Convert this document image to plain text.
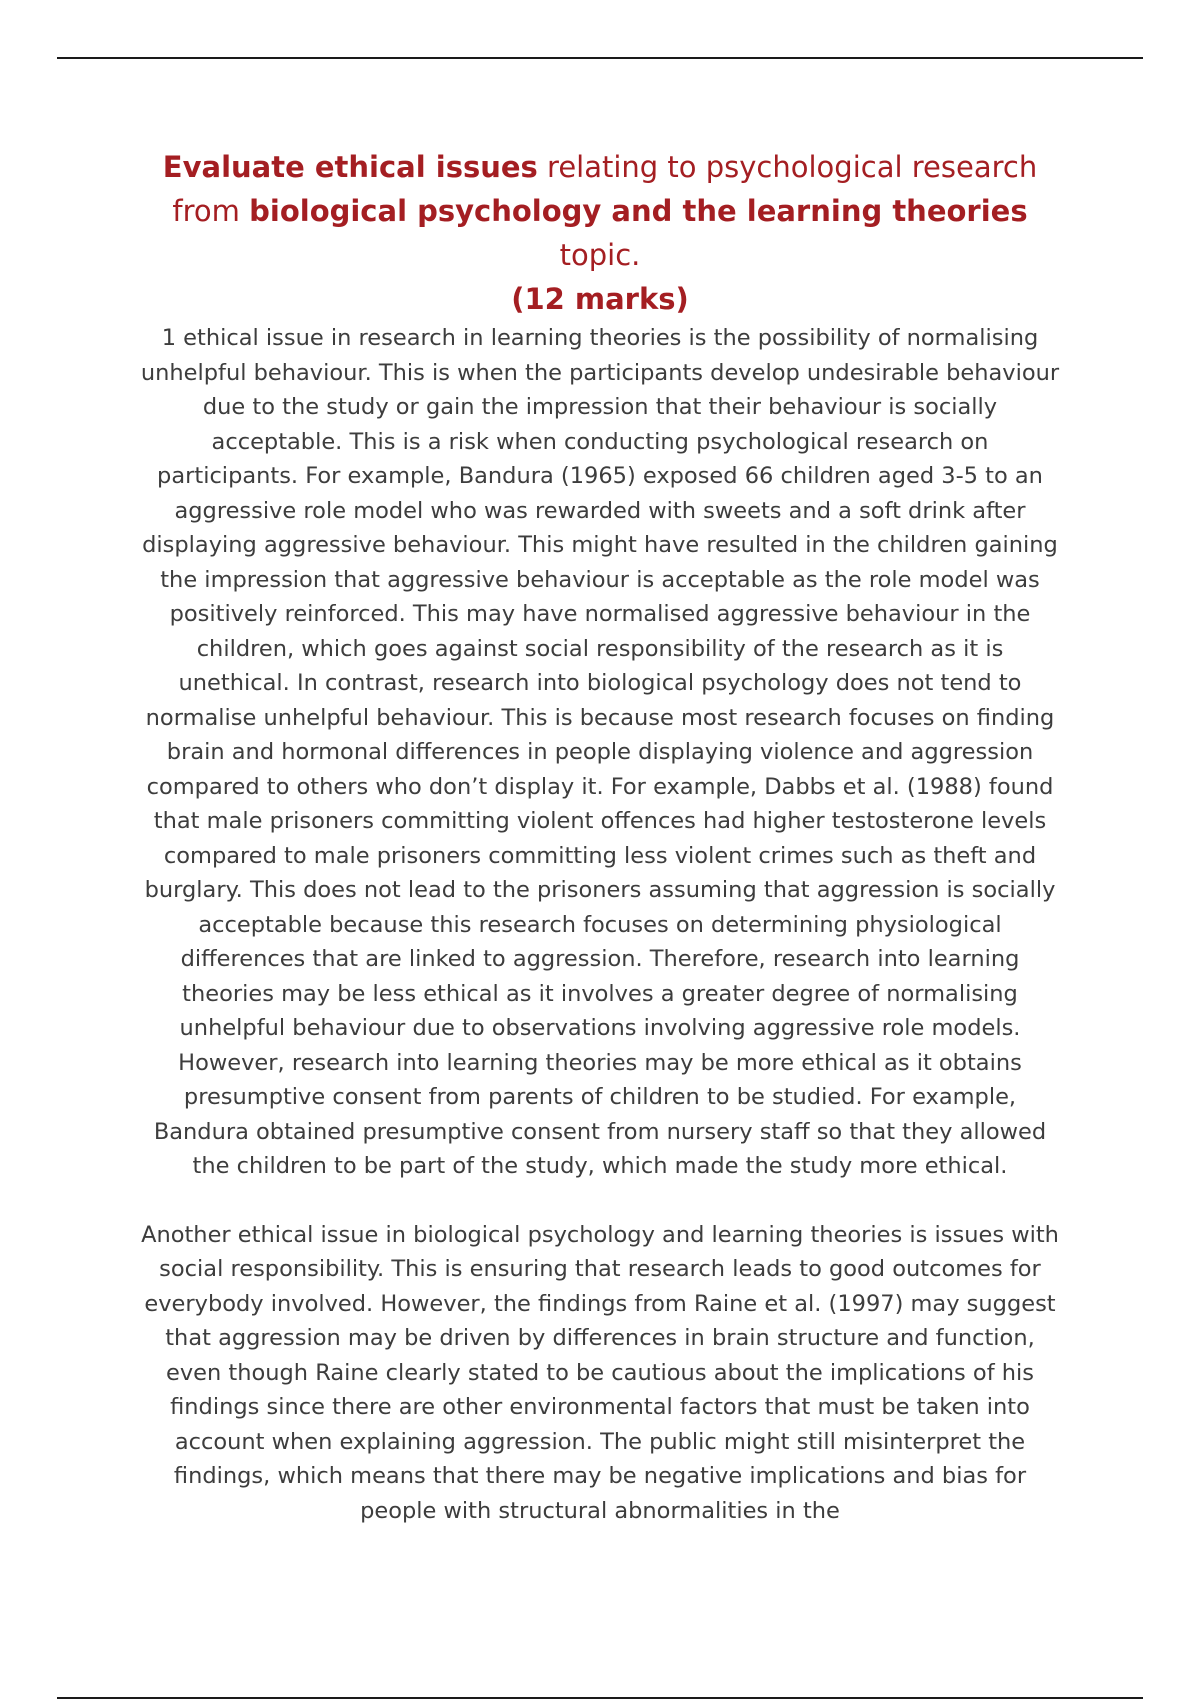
Evaluate ethical issues relating to psychological research from biological psychology and the learning theories topic.
(12 marks)

1 ethical issue in research in learning theories is the possibility of normalising unhelpful behaviour. This is when the participants develop undesirable behaviour due to the study or gain the impression that their behaviour is socially acceptable. This is a risk when conducting psychological research on participants. For example, Bandura (1965) exposed 66 children aged 3-5 to an aggressive role model who was rewarded with sweets and a soft drink after displaying aggressive behaviour. This might have resulted in the children gaining the impression that aggressive behaviour is acceptable as the role model was positively reinforced. This may have normalised aggressive behaviour in the children, which goes against social responsibility of the research as it is unethical. In contrast, research into biological psychology does not tend to normalise unhelpful behaviour. This is because most research focuses on finding brain and hormonal differences in people displaying violence and aggression compared to others who don’t display it. For example, Dabbs et al. (1988) found that male prisoners committing violent offences had higher testosterone levels compared to male prisoners committing less violent crimes such as theft and burglary. This does not lead to the prisoners assuming that aggression is socially acceptable because this research focuses on determining physiological differences that are linked to aggression. Therefore, research into learning theories may be less ethical as it involves a greater degree of normalising unhelpful behaviour due to observations involving aggressive role models. However, research into learning theories may be more ethical as it obtains presumptive consent from parents of children to be studied. For example, Bandura obtained presumptive consent from nursery staff so that they allowed the children to be part of the study, which made the study more ethical.

Another ethical issue in biological psychology and learning theories is issues with social responsibility. This is ensuring that research leads to good outcomes for everybody involved. However, the findings from Raine et al. (1997) may suggest that aggression may be driven by differences in brain structure and function, even though Raine clearly stated to be cautious about the implications of his findings since there are other environmental factors that must be taken into account when explaining aggression. The public might still misinterpret the findings, which means that there may be negative implications and bias for people with structural abnormalities in the
